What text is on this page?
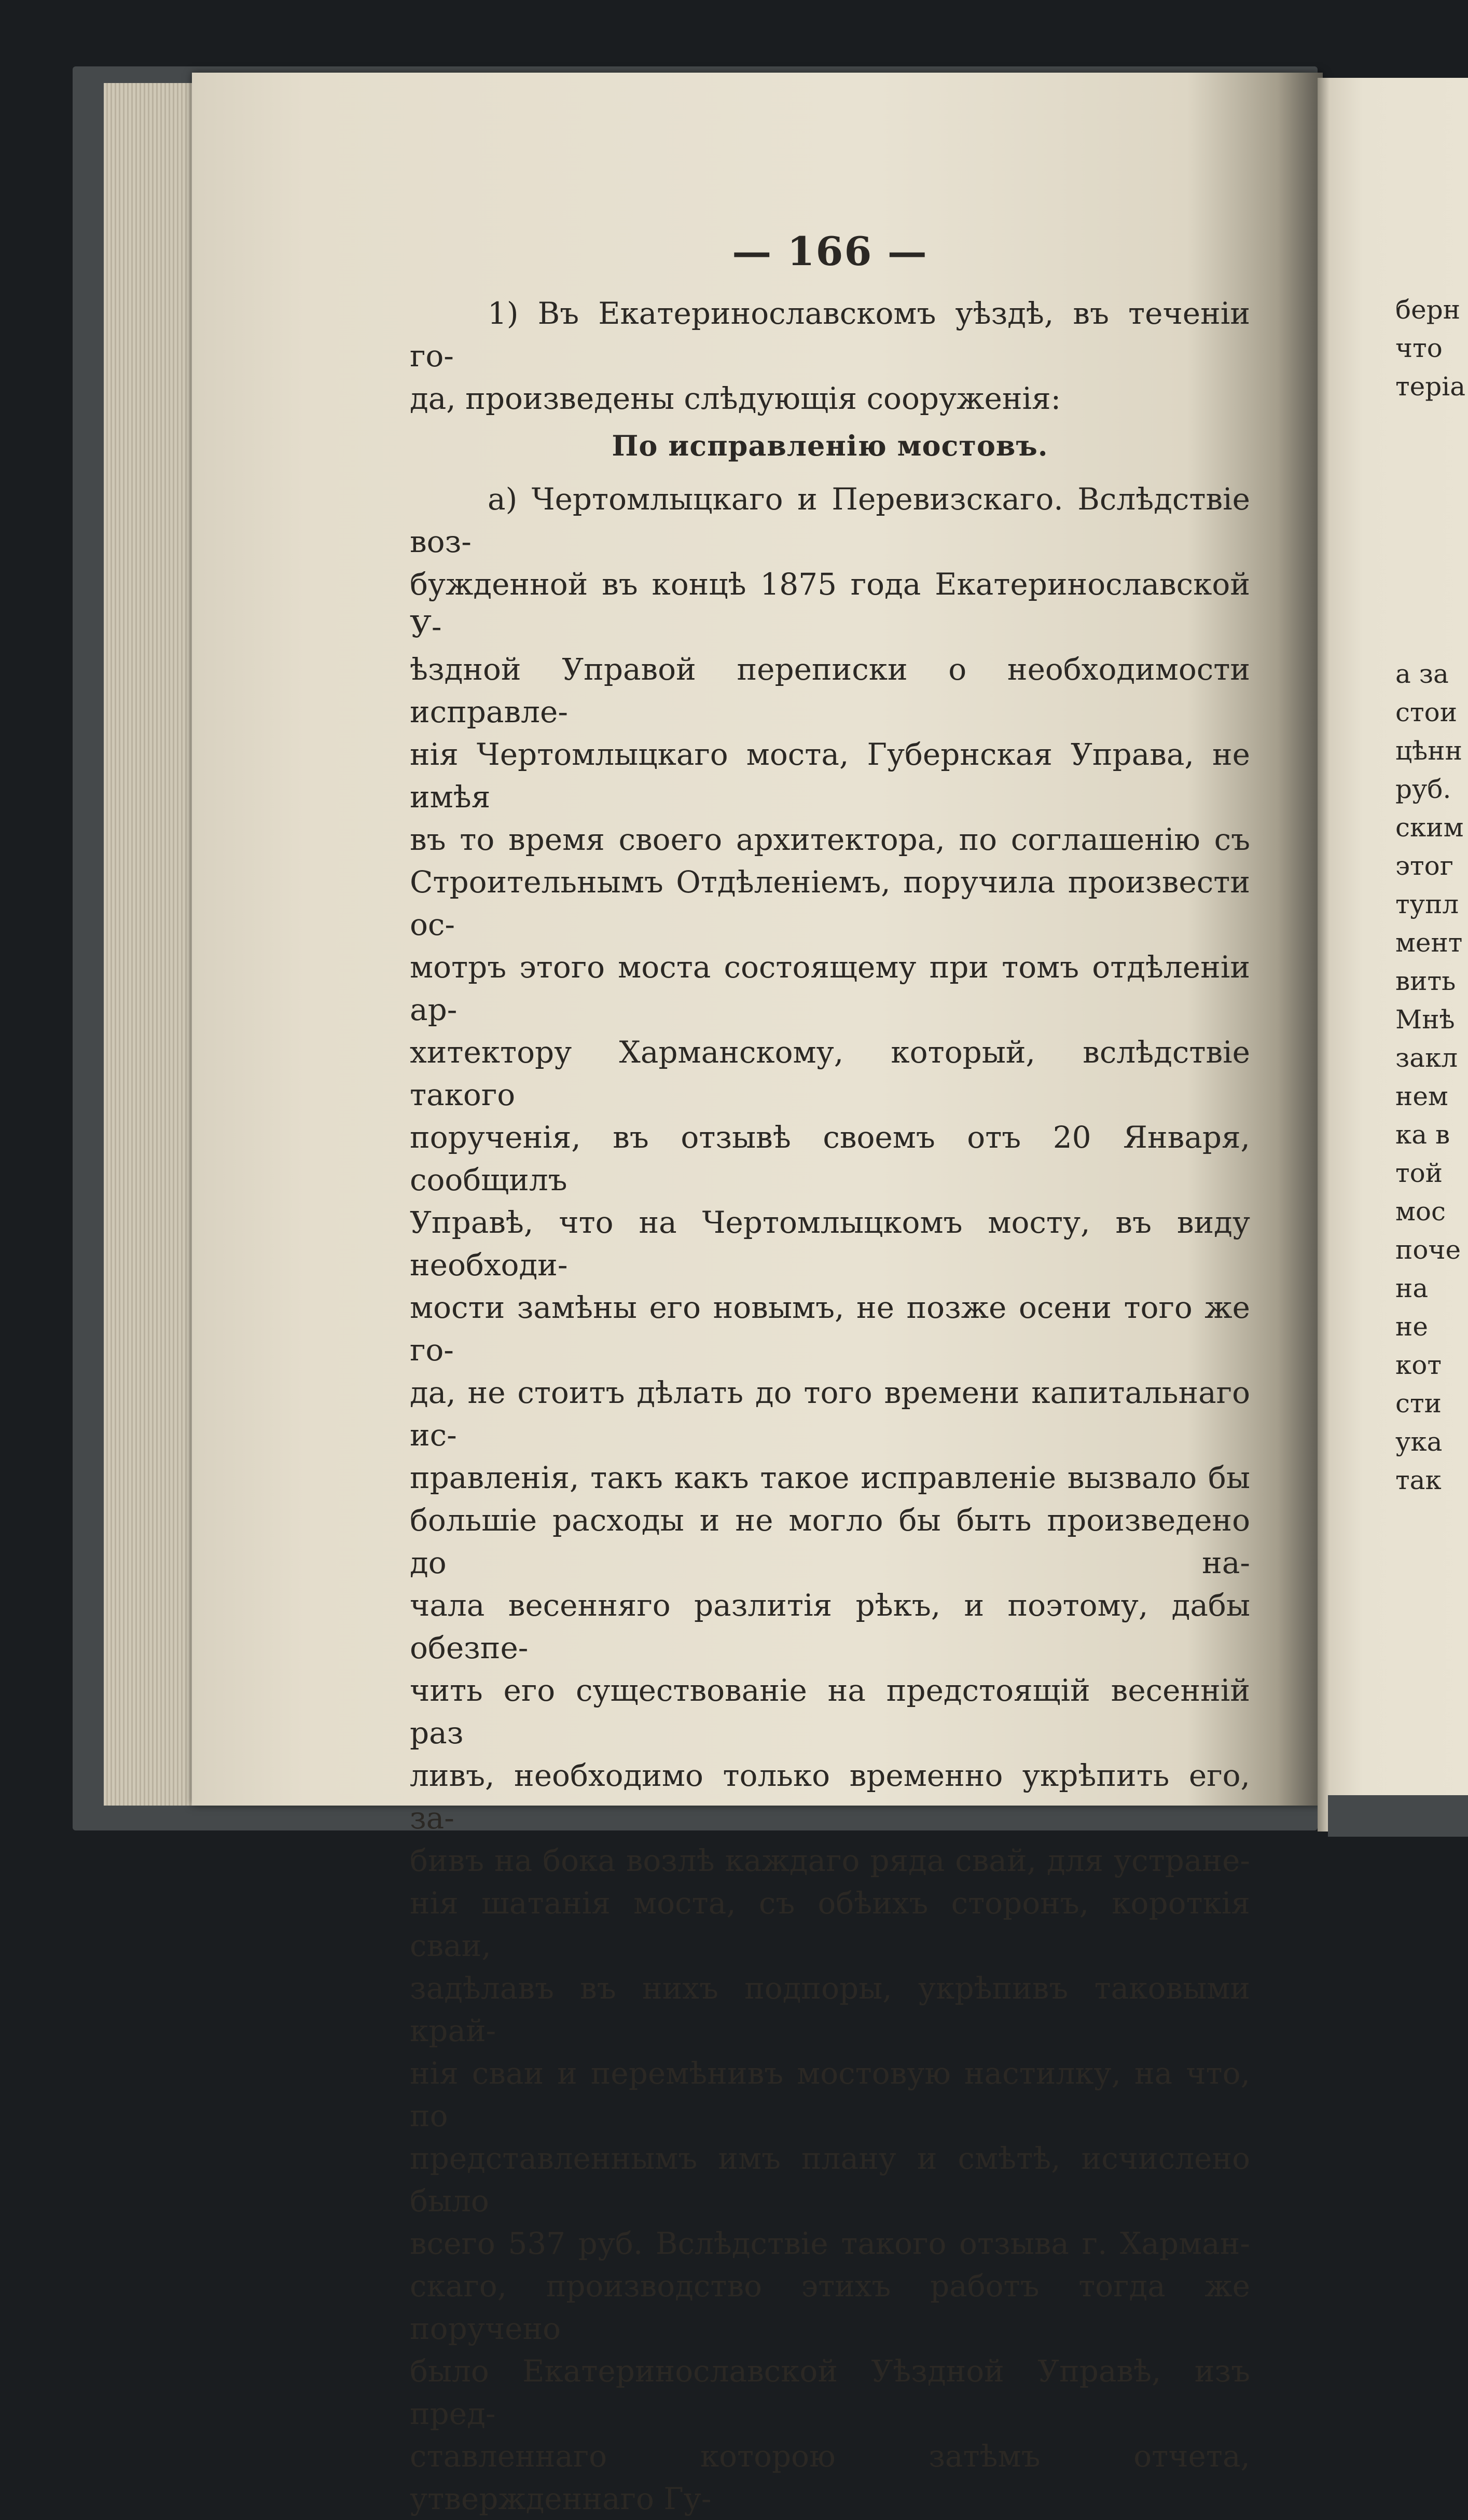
— 166 —

1) Въ Екатеринославскомъ уѣздѣ, въ теченіи го-

да, произведены слѣдующія сооруженія:

По исправленію мостовъ.

а) Чертомлыцкаго и Перевизскаго. Вслѣдствіе воз-

бужденной въ концѣ 1875 года Екатеринославской У-

ѣздной Управой переписки о необходимости исправле-

нія Чертомлыцкаго моста, Губернская Управа, не имѣя

въ то время своего архитектора, по соглашенію съ

Строительнымъ Отдѣленіемъ, поручила произвести ос-

мотръ этого моста состоящему при томъ отдѣленіи ар-

хитектору Харманскому, который, вслѣдствіе такого

порученія, въ отзывѣ своемъ отъ 20 Января, сообщилъ

Управѣ, что на Чертомлыцкомъ мосту, въ виду необходи-

мости замѣны его новымъ, не позже осени того же го-

да, не стоитъ дѣлать до того времени капитальнаго ис-

правленія, такъ какъ такое исправленіе вызвало бы

большіе расходы и не могло бы быть произведено до на-

чала весенняго разлитія рѣкъ, и поэтому, дабы обезпе-

чить его существованіе на предстоящій весенній раз

ливъ, необходимо только временно укрѣпить его, за-

бивъ на бока возлѣ каждаго ряда свай, для устране-

нія шатанія моста, съ обѣихъ сторонъ, короткія сваи,

задѣлавъ въ нихъ подпоры, укрѣпивъ таковыми край-

нія сваи и перемѣнивъ мостовую настилку, на что, по

представленнымъ имъ плану и смѣтѣ, исчислено было

всего 537 руб. Вслѣдствіе такого отзыва г. Харман-

скаго, производство этихъ работъ тогда же поручено

было Екатеринославской Уѣздной Управѣ, изъ пред-

ставленнаго которою затѣмъ отчета, утвержденнаго Гу-

берн
что
теріа
а за
стои
цѣнн
руб.
ским
этог
тупл
мент
вить
Мнѣ
закл
нем
ка в
той
мос
поче
на
не
кот
сти
ука
так
